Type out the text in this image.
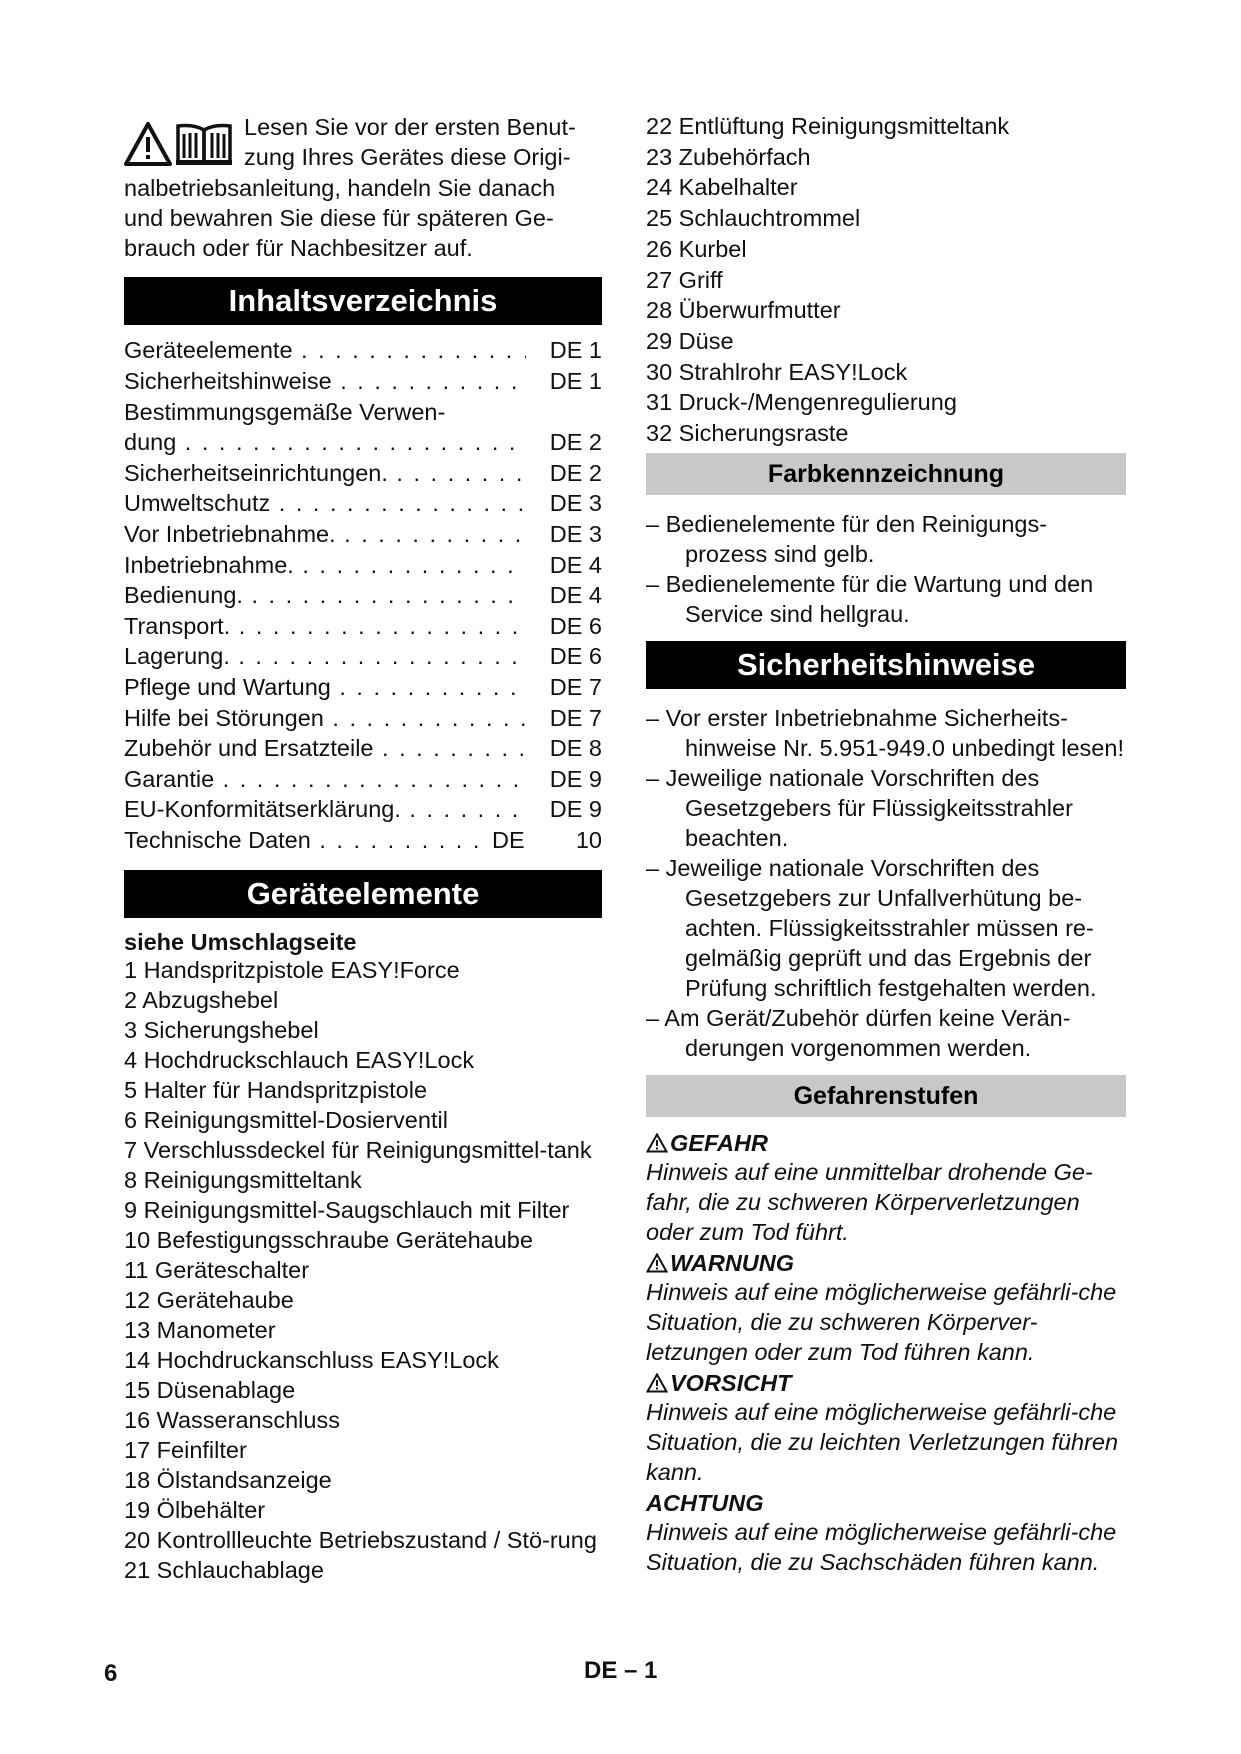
Lesen Sie vor der ersten Benut-

zung Ihres Gerätes diese Origi-
nalbetriebsanleitung, handeln Sie danach
und bewahren Sie diese für späteren Ge-
brauch oder für Nachbesitzer auf.
Inhaltsverzeichnis
Geräteelemente . . .	DE 1
Sicherheitshinweise . . .	DE 1
Bestimmungsgemäße Verwen-
dung . . .	DE 2
Sicherheitseinrichtungen. . . .	DE 2
Umweltschutz . . .	DE 3
Vor Inbetriebnahme. . . .	DE 3
Inbetriebnahme. . . .	DE 4
Bedienung. . . .	DE 4
Transport. . . .	DE 6
Lagerung. . . .	DE 6
Pflege und Wartung . . .	DE 7
Hilfe bei Störungen . . .	DE 7
Zubehör und Ersatzteile . . .	DE 8
Garantie . . .	DE 9
EU-Konformitätserklärung. . . .	DE 9
Technische Daten . . .	DE 10
Geräteelemente
siehe Umschlagseite
1 Handspritzpistole EASY!Force
2 Abzugshebel
3 Sicherungshebel
4 Hochdruckschlauch EASY!Lock
5 Halter für Handspritzpistole
6 Reinigungsmittel-Dosierventil
7 Verschlussdeckel für Reinigungsmittel-tank
8 Reinigungsmitteltank
9 Reinigungsmittel-Saugschlauch mit Filter
10 Befestigungsschraube Gerätehaube
11 Geräteschalter
12 Gerätehaube
13 Manometer
14 Hochdruckanschluss EASY!Lock
15 Düsenablage
16 Wasseranschluss
17 Feinfilter
18 Ölstandsanzeige
19 Ölbehälter
20 Kontrollleuchte Betriebszustand / Stö-rung
21 Schlauchablage
22 Entlüftung Reinigungsmitteltank
23 Zubehörfach
24 Kabelhalter
25 Schlauchtrommel
26 Kurbel
27 Griff
28 Überwurfmutter
29 Düse
30 Strahlrohr EASY!Lock
31 Druck-/Mengenregulierung
32 Sicherungsraste
Farbkennzeichnung
– Bedienelemente für den Reinigungs-prozess sind gelb.
– Bedienelemente für die Wartung und den Service sind hellgrau.
Sicherheitshinweise
– Vor erster Inbetriebnahme Sicherheits-hinweise Nr. 5.951-949.0 unbedingt lesen!
– Jeweilige nationale Vorschriften des Gesetzgebers für Flüssigkeitsstrahler beachten.
– Jeweilige nationale Vorschriften des Gesetzgebers zur Unfallverhütung be-achten. Flüssigkeitsstrahler müssen re-gelmäßig geprüft und das Ergebnis der Prüfung schriftlich festgehalten werden.
– Am Gerät/Zubehör dürfen keine Verän-derungen vorgenommen werden.
Gefahrenstufen
GEFAHR
Hinweis auf eine unmittelbar drohende Ge-fahr, die zu schweren Körperverletzungen oder zum Tod führt.
WARNUNG
Hinweis auf eine möglicherweise gefährli-che Situation, die zu schweren Körperver-letzungen oder zum Tod führen kann.
VORSICHT
Hinweis auf eine möglicherweise gefährli-che Situation, die zu leichten Verletzungen führen kann.
ACHTUNG
Hinweis auf eine möglicherweise gefährli-che Situation, die zu Sachschäden führen kann.
6	DE – 1
